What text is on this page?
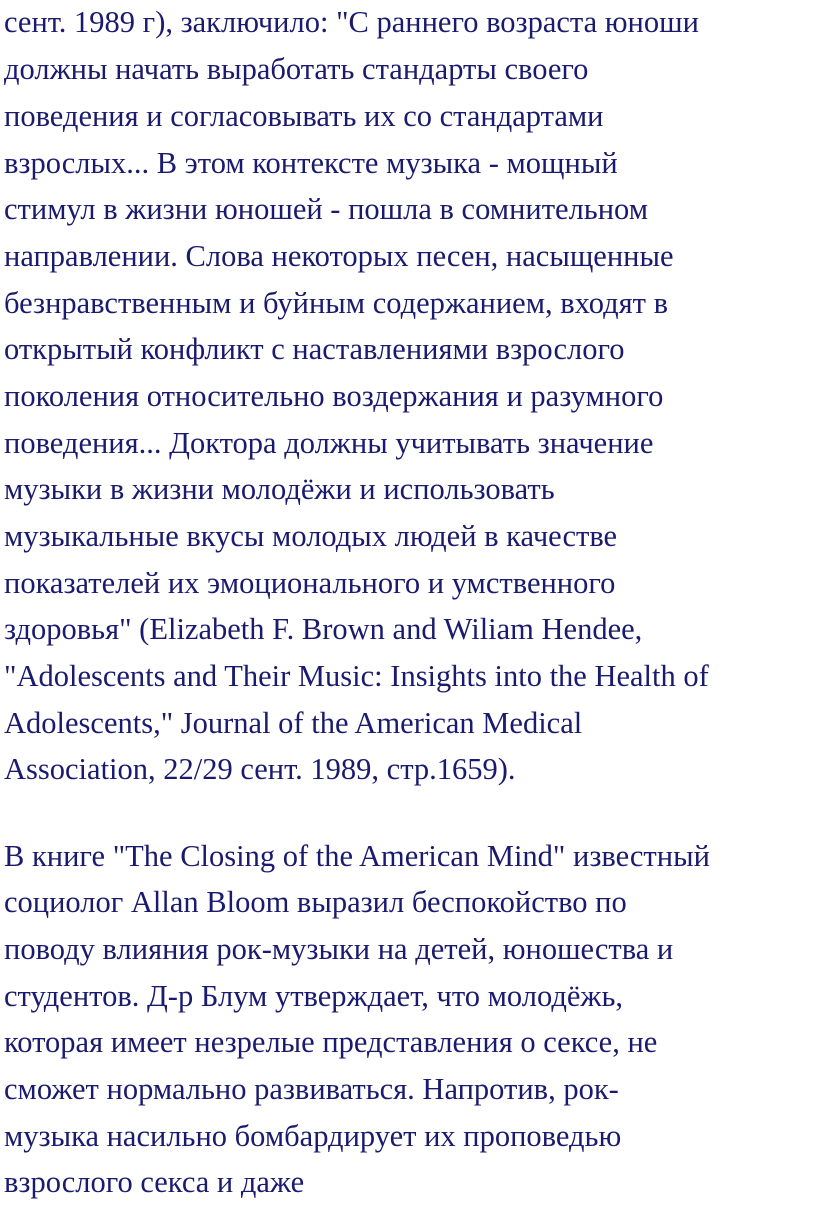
сент. 1989 г), заключило: "С раннего возраста юноши
должны начать выработать стандарты своего
поведения и согласовывать их со стандартами
взрослых... В этом контексте музыка - мощный
стимул в жизни юношей - пошла в сомнительном
направлении. Слова некоторых песен, насыщенные
безнравственным и буйным содержанием, входят в
открытый конфликт с наставлениями взрослого
поколения относительно воздержания и разумного
поведения... Доктора должны учитывать значение
музыки в жизни молодёжи и использовать
музыкальные вкусы молодых людей в качестве
показателей их эмоционального и умственного
здоровья" (Elizabeth F. Brown and Wiliam Hendee,
"Adolescents and Their Music: Insights into the Health of
Adolescents," Journal of the American Medical
Association, 22/29 сент. 1989, стр.1659).
В книге "The Closing of the American Mind" известный
социолог Allan Bloom выразил беспокойство по
поводу влияния рок-музыки на детей, юношества и
студентов. Д-р Блум утверждает, что молодёжь,
которая имеет незрелые представления о сексе, не
сможет нормально развиваться. Напротив, рок-
музыка насильно бомбардирует их проповедью
взрослого секса и даже
